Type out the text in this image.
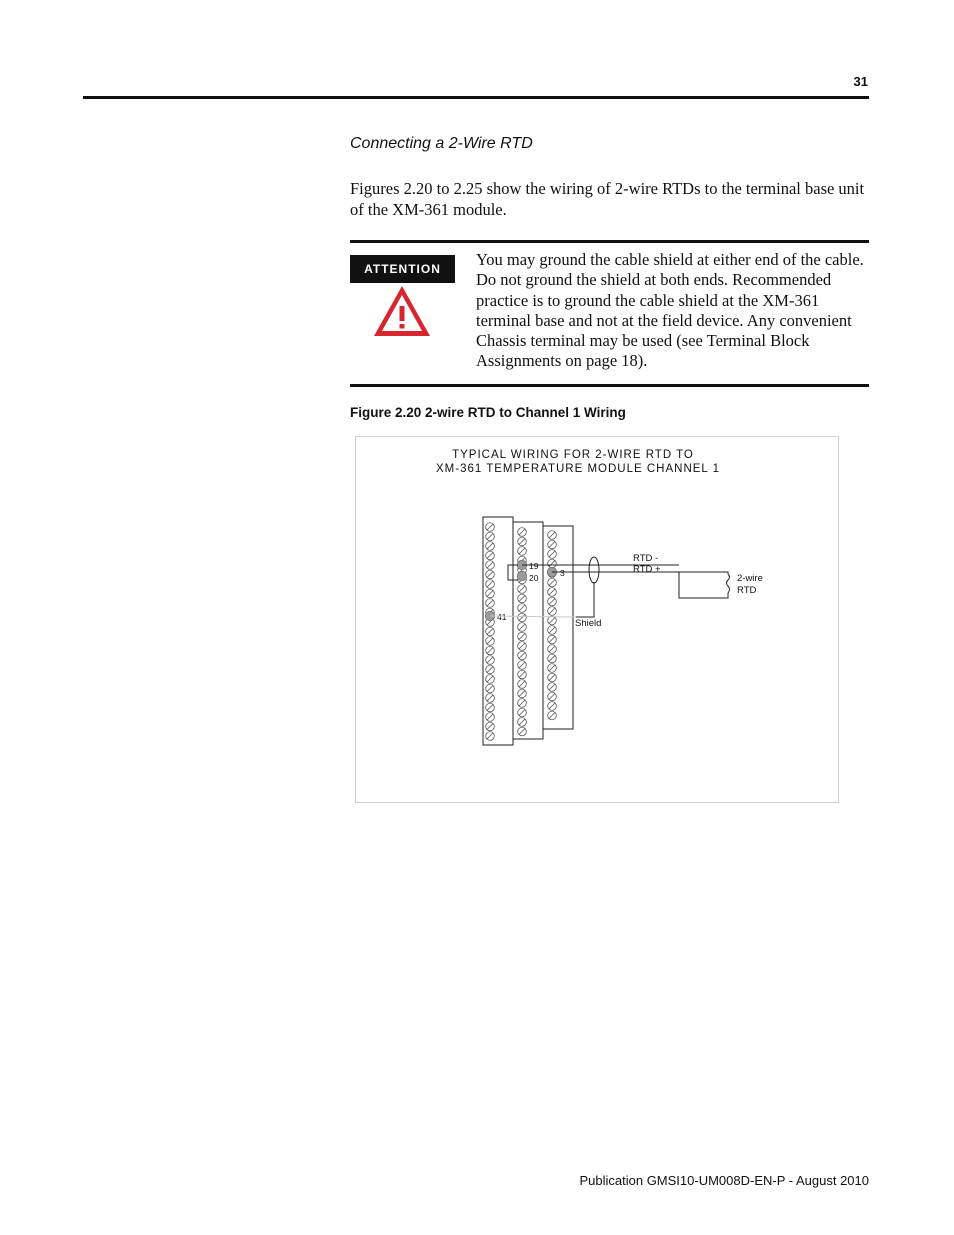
31
Connecting a 2-Wire RTD
Figures 2.20 to 2.25 show the wiring of 2-wire RTDs to the terminal base unit
of the XM-361 module.
ATTENTION	You may ground the cable shield at either end of the cable.
Do not ground the shield at both ends. Recommended
practice is to ground the cable shield at the XM-361
terminal base and not at the field device. Any convenient
Chassis terminal may be used (see Terminal Block
Assignments on page 18).
Figure 2.20 2-wire RTD to Channel 1 Wiring
TYPICAL WIRING FOR 2-WIRE RTD TO
XM-361 TEMPERATURE MODULE CHANNEL 1
19
20	3
41
RTD -
RTD +
Shield
2-wire
RTD
Publication GMSI10-UM008D-EN-P - August 2010
